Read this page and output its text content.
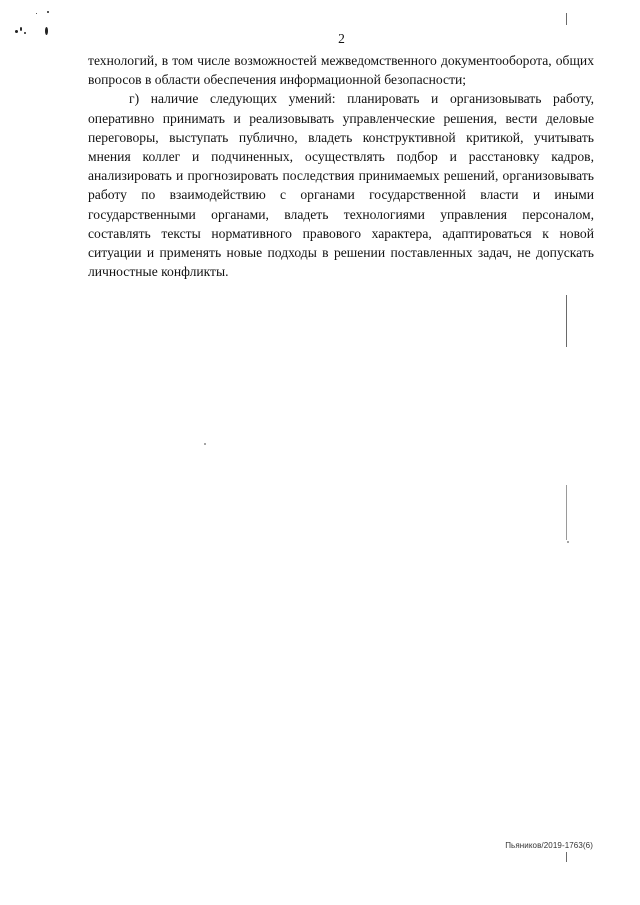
2

технологий, в том числе возможностей межведомственного документооборота, общих вопросов в области обеспечения информационной безопасности;

г) наличие следующих умений: планировать и организовывать работу, оперативно принимать и реализовывать управленческие решения, вести деловые переговоры, выступать публично, владеть конструктивной критикой, учитывать мнения коллег и подчиненных, осуществлять подбор и расстановку кадров, анализировать и прогнозировать последствия принимаемых решений, организовывать работу по взаимодействию с органами государственной власти и иными государственными органами, владеть технологиями управления персоналом, составлять тексты нормативного правового характера, адаптироваться к новой ситуации и применять новые подходы в решении поставленных задач, не допускать личностные конфликты.

Пьяников/2019-1763(6)
